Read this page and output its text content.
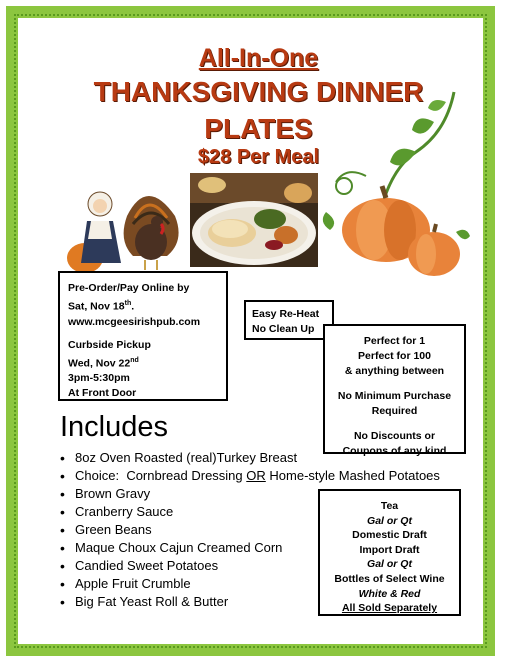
All-In-One
THANKSGIVING DINNER
PLATES
$28 Per Meal

Pre-Order/Pay Online by

Sat, Nov 18th.

www.mcgeesirishpub.com

Curbside Pickup

Wed, Nov 22nd

3pm-5:30pm

At Front Door

Easy Re-Heat

No Clean Up

Perfect for 1

Perfect for 100

& anything between

No Minimum Purchase

Required

No Discounts or

Coupons of any kind

Includes
• 8oz Oven Roasted (real)Turkey Breast
• Choice:  Cornbread Dressing OR Home-style Mashed Potatoes
• Brown Gravy
• Cranberry Sauce
• Green Beans
• Maque Choux Cajun Creamed Corn
• Candied Sweet Potatoes
• Apple Fruit Crumble
• Big Fat Yeast Roll & Butter

Tea

Gal or Qt

Domestic Draft

Import Draft

Gal or Qt

Bottles of Select Wine

White & Red

All Sold Separately
